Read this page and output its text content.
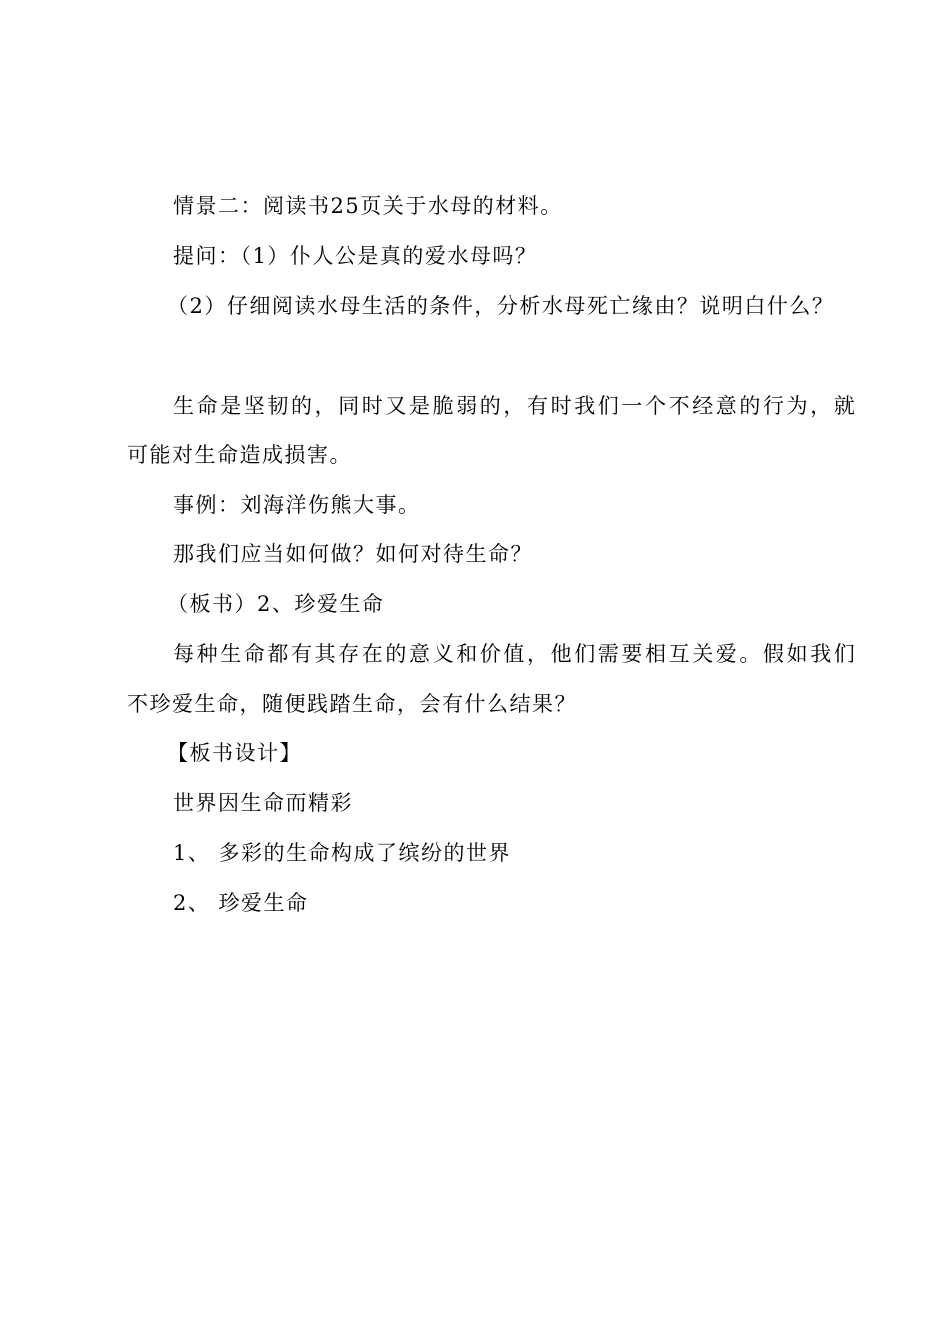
情景二：阅读书25页关于水母的材料。
提问：（1）仆人公是真的爱水母吗？
（2）仔细阅读水母生活的条件，分析水母死亡缘由？说明白什么？
生命是坚韧的，同时又是脆弱的，有时我们一个不经意的行为，就
可能对生命造成损害。
事例：刘海洋伤熊大事。
那我们应当如何做？如何对待生命？
（板书）2、珍爱生命
每种生命都有其存在的意义和价值，他们需要相互关爱。假如我们
不珍爱生命，随便践踏生命，会有什么结果？
【板书设计】
世界因生命而精彩
1、 多彩的生命构成了缤纷的世界
2、 珍爱生命
